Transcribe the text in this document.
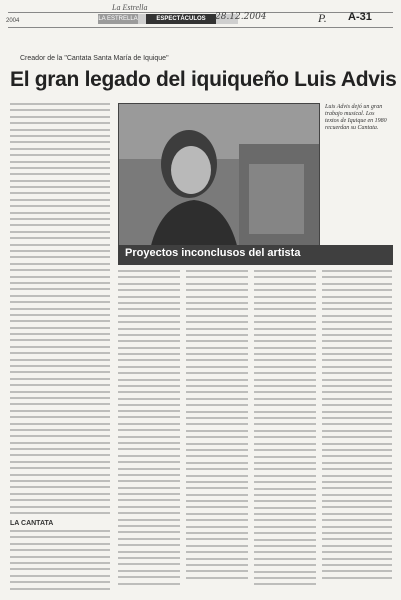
La Estrella
2004	LA ESTRELLA	ESPECTÁCULOS	28.12.2004	P. A-31
Creador de la "Cantata Santa María de Iquique"
El gran legado del iquiqueño Luis Advis
Luis Advis dejó un gran trabajo musical. Los textos de Iquique en 1980 recuerdan su Cantata.
Proyectos inconclusos del artista
LA CANTATA
